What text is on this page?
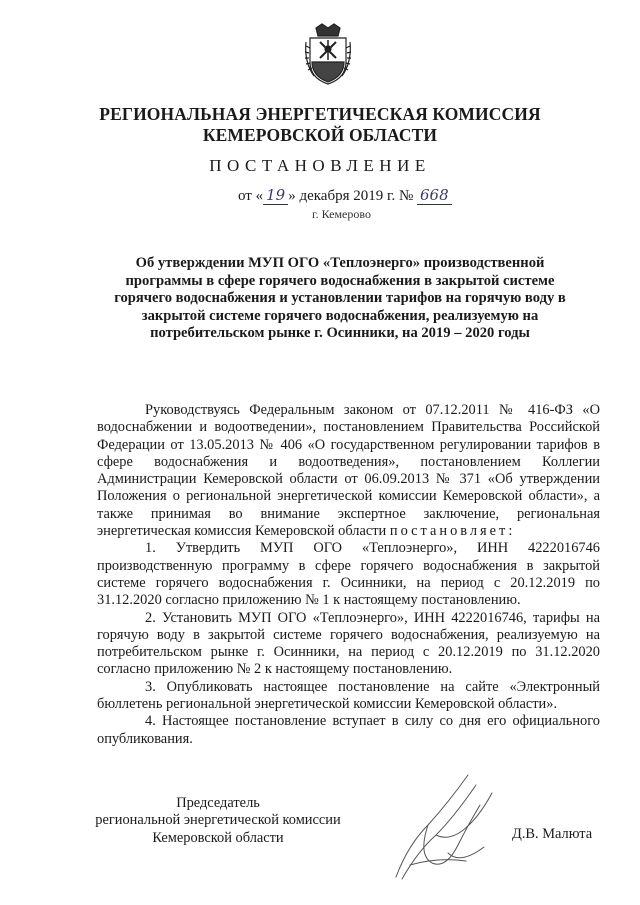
РЕГИОНАЛЬНАЯ ЭНЕРГЕТИЧЕСКАЯ КОМИССИЯ
КЕМЕРОВСКОЙ ОБЛАСТИ
ПОСТАНОВЛЕНИЕ
от « 19 » декабря 2019 г. № 668
г. Кемерово
Об утверждении МУП ОГО «Теплоэнерго» производственной
программы в сфере горячего водоснабжения в закрытой системе
горячего водоснабжения и установлении тарифов на горячую воду в
закрытой системе горячего водоснабжения, реализуемую на
потребительском рынке г. Осинники, на 2019 – 2020 годы

Руководствуясь Федеральным законом от 07.12.2011 № 416-ФЗ «О водоснабжении и водоотведении», постановлением Правительства Российской Федерации от 13.05.2013 № 406 «О государственном регулировании тарифов в сфере водоснабжения и водоотведения», постановлением Коллегии Администрации Кемеровской области от 06.09.2013 № 371 «Об утверждении Положения о региональной энергетической комиссии Кемеровской области», а также принимая во внимание экспертное заключение, региональная энергетическая комиссия Кемеровской области постановляет:

1. Утвердить МУП ОГО «Теплоэнерго», ИНН 4222016746 производственную программу в сфере горячего водоснабжения в закрытой системе горячего водоснабжения г. Осинники, на период с 20.12.2019 по 31.12.2020 согласно приложению № 1 к настоящему постановлению.

2. Установить МУП ОГО «Теплоэнерго», ИНН 4222016746, тарифы на горячую воду в закрытой системе горячего водоснабжения, реализуемую на потребительском рынке г. Осинники, на период с 20.12.2019 по 31.12.2020 согласно приложению № 2 к настоящему постановлению.

3. Опубликовать настоящее постановление на сайте «Электронный бюллетень региональной энергетической комиссии Кемеровской области».

4. Настоящее постановление вступает в силу со дня его официального опубликования.

Председатель
региональной энергетической комиссии
Кемеровской области	Д.В. Малюта
